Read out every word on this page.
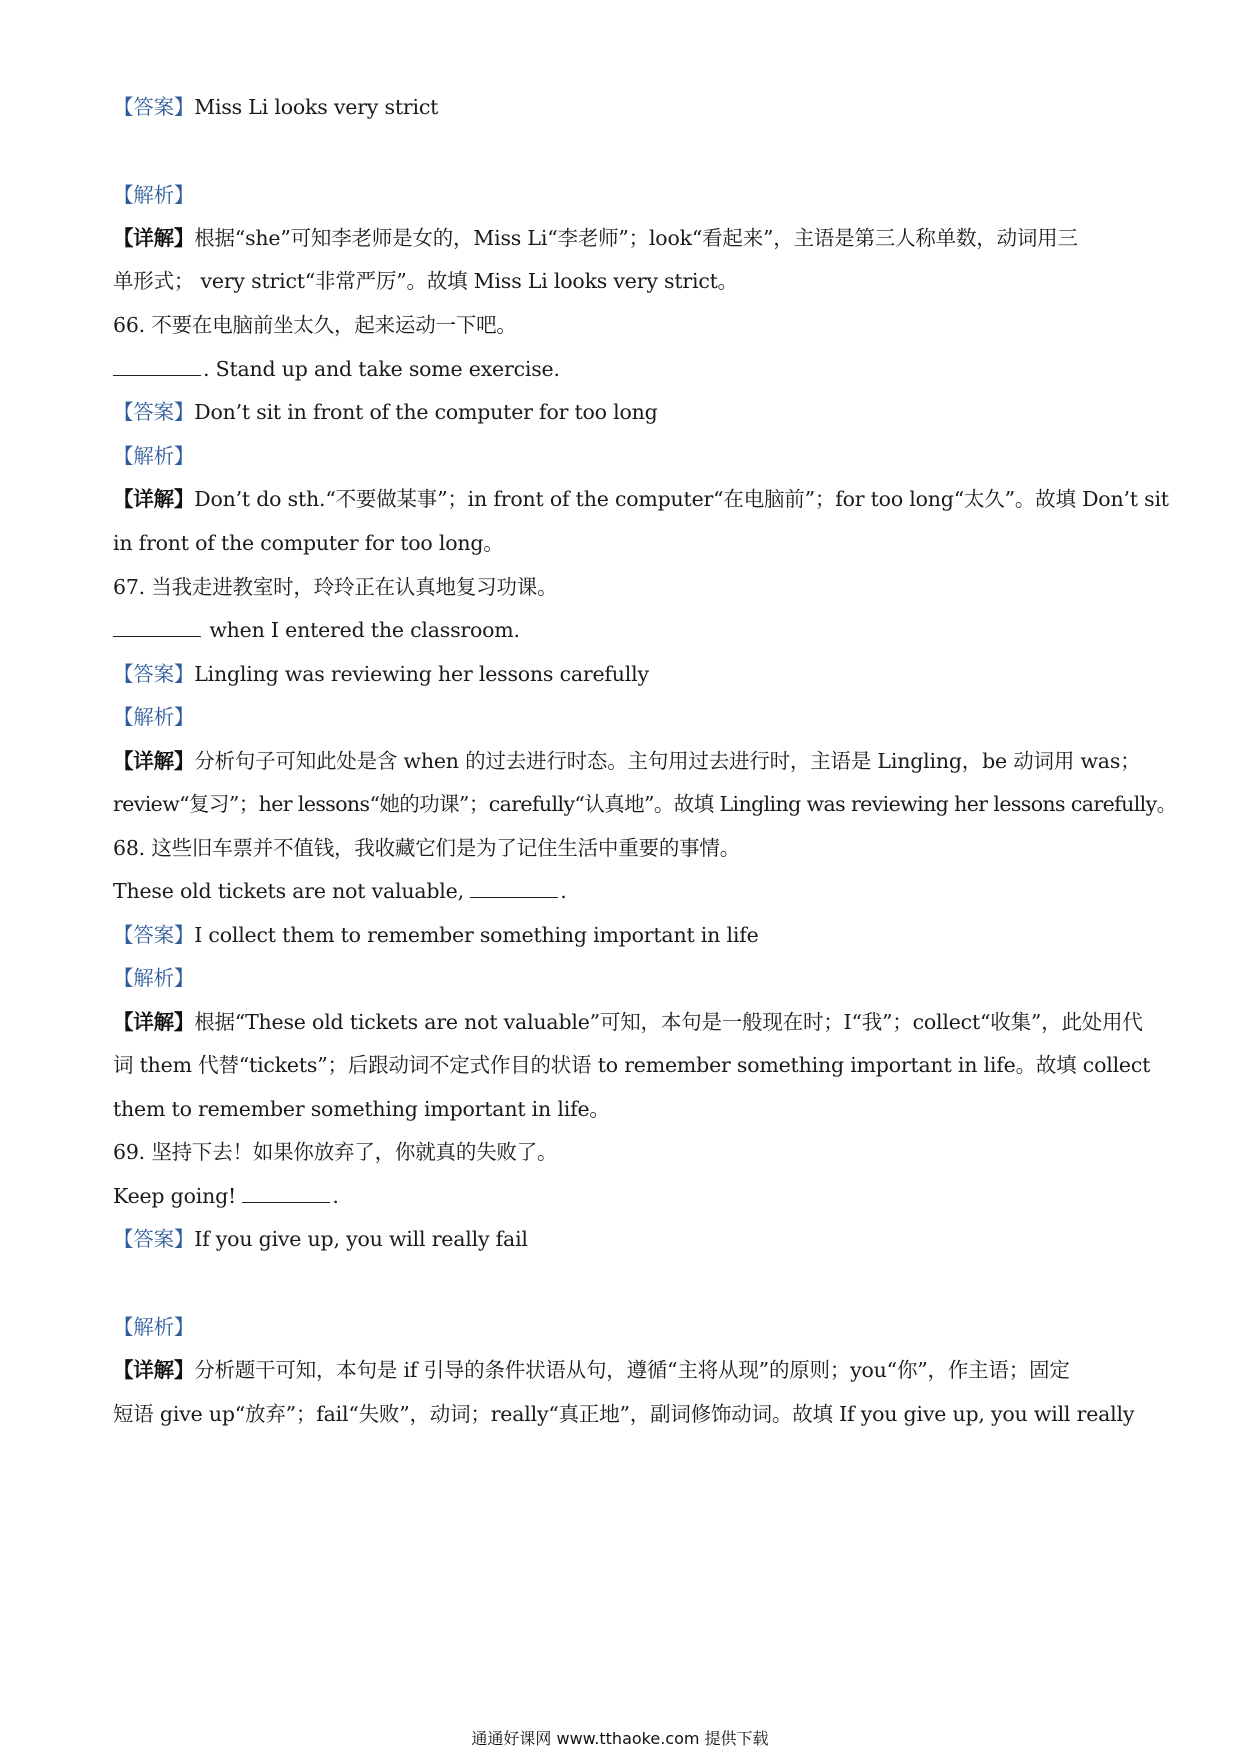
【答案】Miss Li looks very strict
【解析】
【详解】根据“she”可知李老师是女的，Miss Li“李老师”；look“看起来”，主语是第三人称单数，动词用三
单形式； very strict“非常严厉”。故填 Miss Li looks very strict。
66. 不要在电脑前坐太久，起来运动一下吧。
. Stand up and take some exercise.
【答案】Don’t sit in front of the computer for too long
【解析】
【详解】Don’t do sth.“不要做某事”；in front of the computer“在电脑前”；for too long“太久”。故填 Don’t sit
in front of the computer for too long。
67. 当我走进教室时，玲玲正在认真地复习功课。
when I entered the classroom.
【答案】Lingling was reviewing her lessons carefully
【解析】
【详解】分析句子可知此处是含 when 的过去进行时态。主句用过去进行时，主语是 Lingling，be 动词用 was；
review“复习”；her lessons“她的功课”；carefully“认真地”。故填 Lingling was reviewing her lessons carefully。
68. 这些旧车票并不值钱，我收藏它们是为了记住生活中重要的事情。
These old tickets are not valuable,	.
【答案】I collect them to remember something important in life
【解析】
【详解】根据“These old tickets are not valuable”可知，本句是一般现在时；I“我”；collect“收集”，此处用代
词 them 代替“tickets”；后跟动词不定式作目的状语 to remember something important in life。故填 collect
them to remember something important in life。
69. 坚持下去！如果你放弃了，你就真的失败了。
Keep going!	.
【答案】If you give up, you will really fail
【解析】
【详解】分析题干可知，本句是 if 引导的条件状语从句，遵循“主将从现”的原则；you“你”，作主语；固定
短语 give up“放弃”；fail“失败”，动词；really“真正地”，副词修饰动词。故填 If you give up, you will really
通通好课网 www.tthaoke.com 提供下载
